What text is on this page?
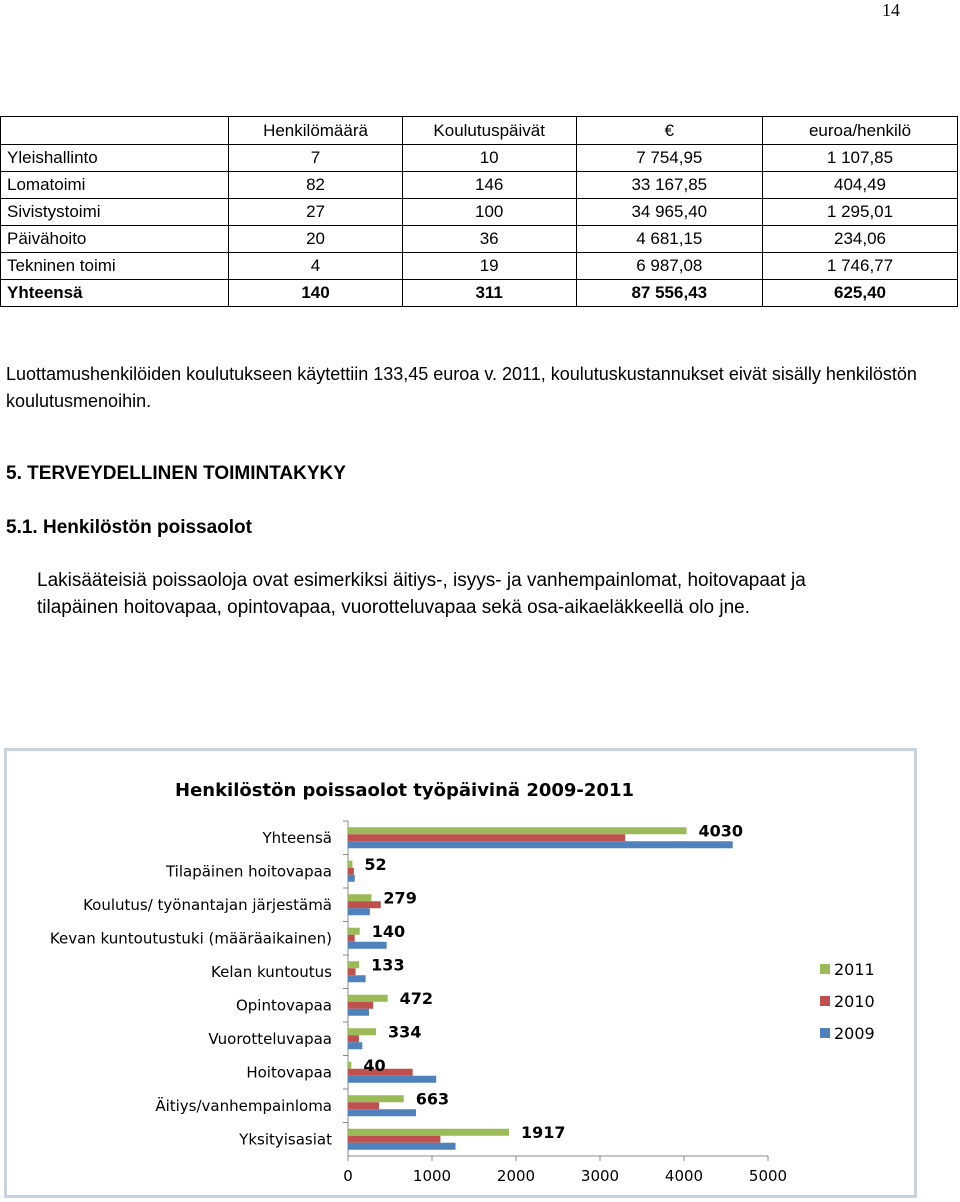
14
	Henkilömäärä	Koulutuspäivät	€	euroa/henkilö
Yleishallinto	7	10	7 754,95	1 107,85
Lomatoimi	82	146	33 167,85	404,49
Sivistystoimi	27	100	34 965,40	1 295,01
Päivähoito	20	36	4 681,15	234,06
Tekninen toimi	4	19	6 987,08	1 746,77
Yhteensä	140	311	87 556,43	625,40
Luottamushenkilöiden koulutukseen käytettiin 133,45 euroa v. 2011, koulutuskustannukset eivät sisälly henkilöstön koulutusmenoihin.
5. TERVEYDELLINEN TOIMINTAKYKY
5.1. Henkilöstön poissaolot
Lakisääteisiä poissaoloja ovat esimerkiksi äitiys-, isyys- ja vanhempainlomat, hoitovapaat ja tilapäinen hoitovapaa, opintovapaa, vuorotteluvapaa sekä osa-aikaeläkkeellä olo jne.
Henkilöstön poissaolot työpäivinä 2009-2011
0	1000	2000	3000	4000	5000
Yhteensä	4030
Tilapäinen hoitovapaa 52
Koulutus/ työnantajan järjestämä	279
Kevan kuntoutustuki (määräaikainen) 140
Kelan kuntoutus 133
Opintovapaa	472
Vuorotteluvapaa	334
Hoitovapaa 40
Äitiys/vanhempainloma	663
Yksityisasiat	1917
2011
2010
2009
